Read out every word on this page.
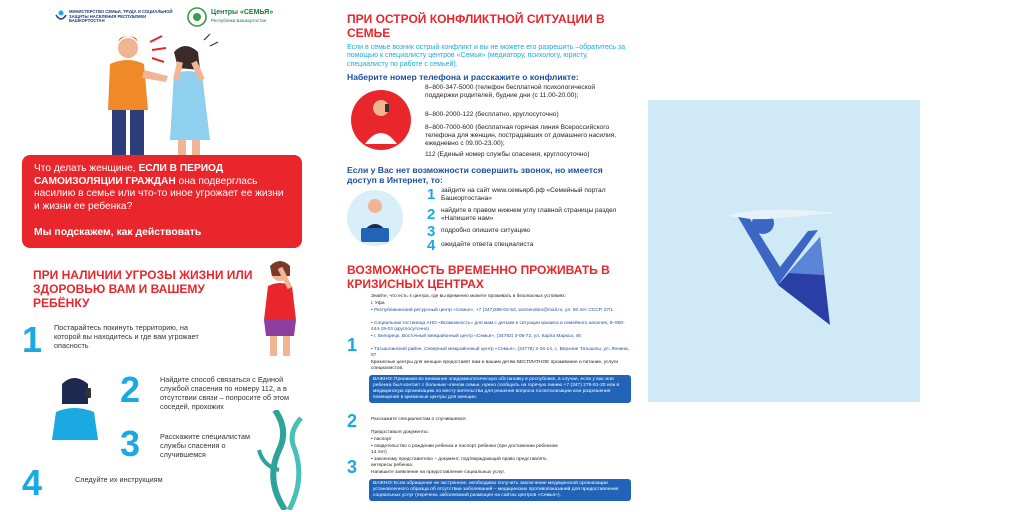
МИНИСТЕРСТВО СЕМЬИ, ТРУДА И СОЦИАЛЬНОЙ ЗАЩИТЫ НАСЕЛЕНИЯ РЕСПУБЛИКИ БАШКОРТОСТАН
Центры «СЕМЬЯ»
Республики Башкортостан
Что делать женщине, ЕСЛИ В ПЕРИОД САМОИЗОЛЯЦИИ ГРАЖДАН она подверглась насилию в семье или что-то иное угрожает ее жизни и жизни ее ребенка?
Мы подскажем, как действовать
ПРИ НАЛИЧИИ УГРОЗЫ ЖИЗНИ ИЛИ ЗДОРОВЬЮ ВАМ И ВАШЕМУ РЕБЁНКУ
1 Постарайтесь покинуть территорию, на которой вы находитесь и где вам угрожает опасность
2	Найдите способ связаться с Единой службой спасения по номеру 112, а в отсутствии связи – попросите об этом соседей, прохожих
3	Расскажите специалистам службы спасения о случившемся
4	Следуйте их инструкциям
ПРИ ОСТРОЙ КОНФЛИКТНОЙ СИТУАЦИИ В СЕМЬЕ
Если в семье возник острый конфликт и вы не можете его разрешить –обратитесь за помощью к специалисту центров «Семья» (медиатору, психологу, юристу, специалисту по работе с семьей).
Наберите номер телефона и расскажите о конфликте:
8–800-347-5000 (телефон бесплатной психологической поддержки родителей, будние дни (с 11.00-20.00);
8–800-2000-122 (бесплатно, круглосуточно)
8–800-7000-600 (бесплатная горячая линия Всероссийского телефона для женщин, пострадавших от домашнего насилия, ежедневно с 09.00-23.00);
112 (Единый номер службы спасения, круглосуточно)
Если у Вас нет возможности совершить звонок, но имеется доступ в Интернет, то:
1 зайдите на сайт www.семьярб.рф «Семейный портал Башкортостана»
2 найдите в правом нижнем углу главной страницы раздел «Напишите нам»
3 подробно опишите ситуацию
4 ожидайте ответа специалиста
ВОЗМОЖНОСТЬ ВРЕМЕННО ПРОЖИВАТЬ В КРИЗИСНЫХ ЦЕНТРАХ
Знайте, что есть 4 центра, где вы временно можете проживать в безопасных условиях:
г. Уфа
• Республиканский ресурсный центр «Семья», +7 (347)286-02-53, womendom@mail.ru, ул. 50 лет СССР, 27/1
• Социальная гостиница АНО «Возможность» для мам с детьми в ситуации кризиса и семейного насилия, 8–800-444-19-04 (круглосуточно)
1	• г. Белорецк, Восточный межрайонный центр «Семья», (34792) 3-08-72, ул. Карла Маркса, 46
• Татышлинский район, Северный межрайонный центр «Семья», (34778) 2-16-14, с. Верхние Татышлы, ул. Ленина, 87
Кризисные центры для женщин предоставят вам и вашим детям БЕСПЛАТНОЕ проживание и питание, услуги специалистов.
ВАЖНО! Принимая во внимание эпидемиологическую обстановку в республике, в случае, если у вас или ребенка был контакт с больным членом семьи, нужно сообщить на горячую линию +7 (347) 279-91-20 или в медицинскую организацию по месту жительства для решения вопроса госпитализации или разрешения помещения в кризисные центры для женщин.
2	Расскажите специалистам о случившемся
Предоставьте документы:
• паспорт
• свидетельство о рождении ребенка и паспорт ребенка (при достижении ребенком 14 лет)
• законному представителю – документ, подтверждающий право представлять интересы ребенка.
3	Напишите заявление на предоставление социальных услуг.
ВАЖНО! Если обращение не экстренное, необходимо получить заключение медицинской организации установленного образца об отсутствии заболеваний – медицинских противопоказаний для предоставления социальных услуг (перечень заболеваний размещен на сайтах центров «Семья»).
